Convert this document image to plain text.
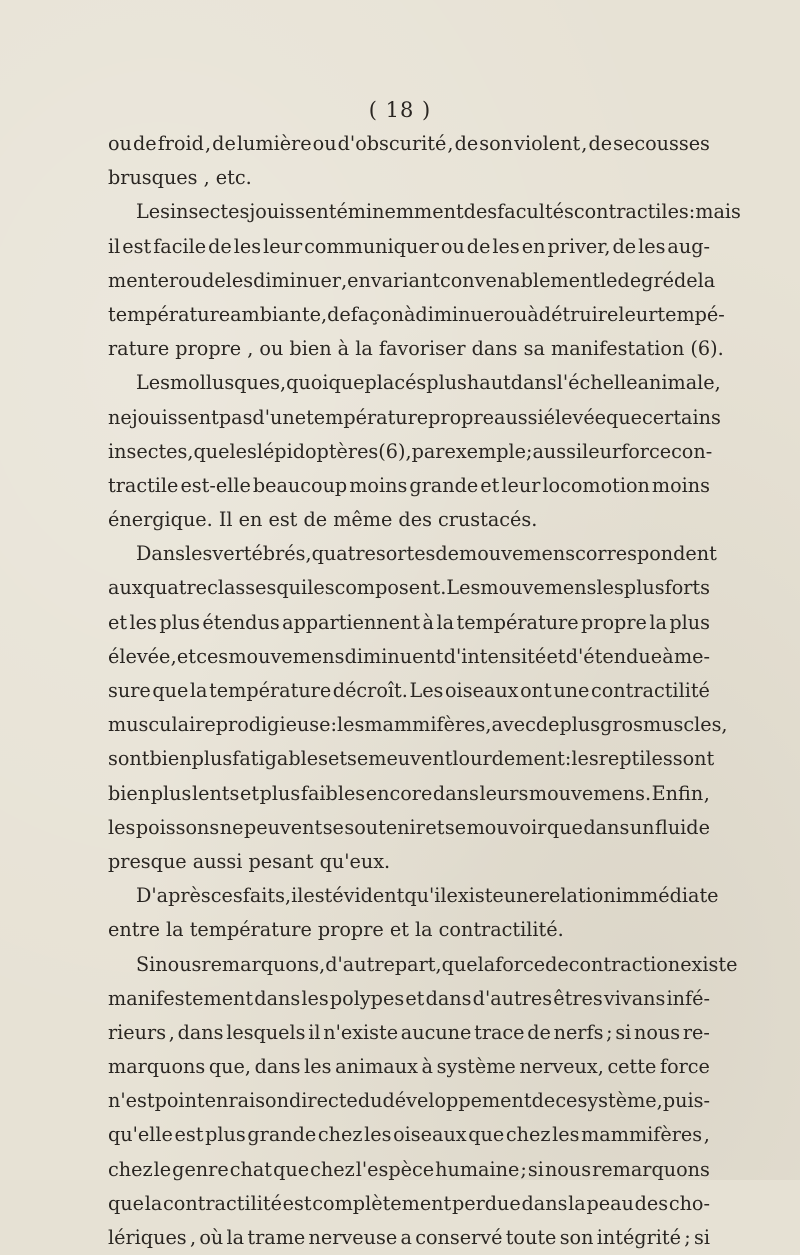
( 18 )
ou de froid , de lumière ou d'obscurité , de son violent , de secousses
brusques , etc.
Les insectes jouissent éminemment des facultés contractiles : mais
il est facile de les leur communiquer ou de les en priver, de les aug-
menter ou de les diminuer , en variant convenablement le degré de la
température ambiante, de façon à diminuer ou à détruire leur tempé-
rature propre , ou bien à la favoriser dans sa manifestation (6).
Les mollusques , quoique placés plus haut dans l'échelle animale,
ne jouissent pas d'une température propre aussi élevée que certains
insectes , que les lépidoptères (6) , par exemple; aussi leur force con-
tractile est-elle beaucoup moins grande et leur locomotion moins
énergique. Il en est de même des crustacés.
Dans les vertébrés, quatre sortes de mouvemens correspondent
aux quatre classes qui les composent. Les mouvemens les plus forts
et les plus étendus appartiennent à la température propre la plus
élevée , et ces mouvemens diminuent d'intensité et d'étendue à me-
sure que la température décroît. Les oiseaux ont une contractilité
musculaire prodigieuse : les mammifères , avec de plus gros muscles,
sont bien plus fatigables et se meuvent lourdement : les reptiles sont
bien plus lents et plus faibles encore dans leurs mouvemens. Enfin ,
les poissons ne peuvent se soutenir et se mouvoir que dans un fluide
presque aussi pesant qu'eux.
D'après ces faits , il est évident qu'il existe une relation immédiate
entre la température propre et la contractilité.
Si nous remarquons, d'autre part, que la force de contraction existe
manifestement dans les polypes et dans d'autres êtres vivans infé-
rieurs , dans lesquels il n'existe aucune trace de nerfs ; si nous re-
marquons que, dans les animaux à système nerveux, cette force
n'est point en raison directe du développement de ce système , puis-
qu'elle est plus grande chez les oiseaux que chez les mammifères ,
chez le genre chat que chez l'espèce humaine ; si nous remarquons
que la contractilité est complètement perdue dans la peau des cho-
lériques , où la trame nerveuse a conservé toute son intégrité ; si
